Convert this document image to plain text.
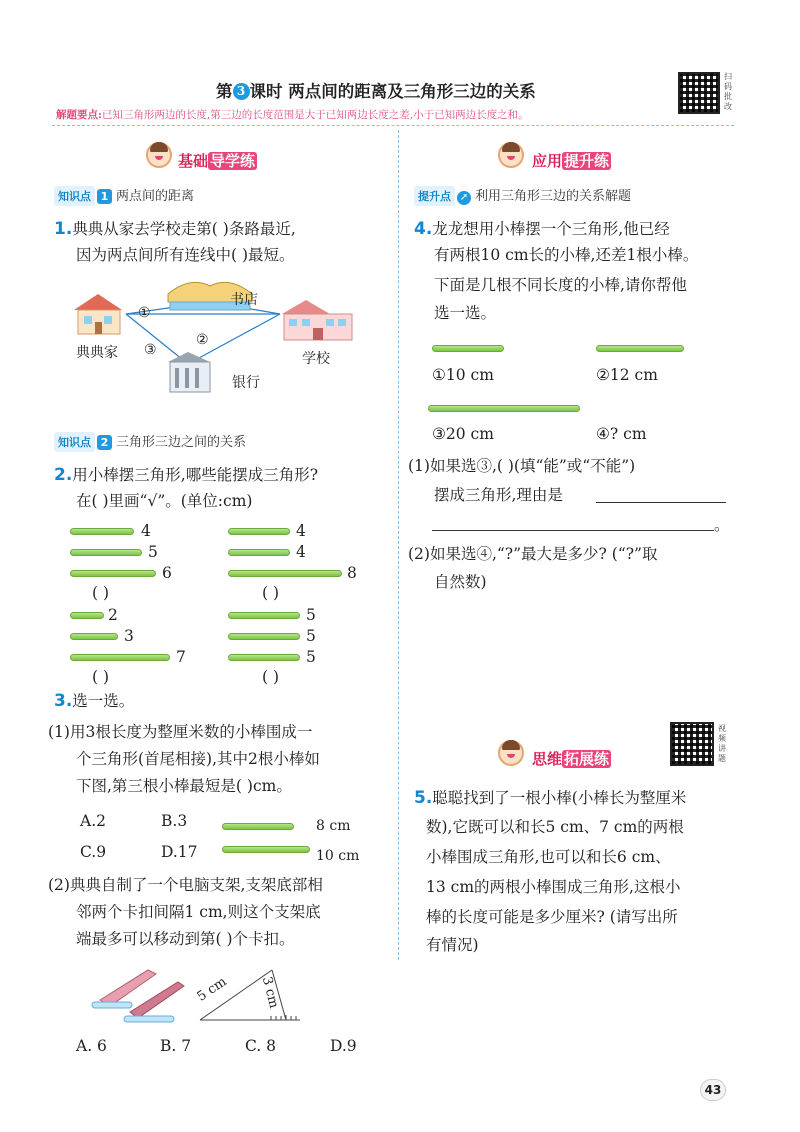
第 3 课时 两点间的距离及三角形三边的关系
解题要点:已知三角形两边的长度,第三边的长度范围是大于已知两边长度之差,小于已知两边长度之和。
扫码批改
基础 导学练
知识点 1 两点间的距离
1.典典从家去学校走第( )条路最近,
因为两点间所有连线中( )最短。
典典家
书店
学校
银行
①
②
③
知识点 2 三角形三边之间的关系
2.用小棒摆三角形,哪些能摆成三角形?
在( )里画“√”。(单位:cm)
4
5
6
( )
4
4
8
( )
2
3
7
( )
5
5
5
( )
3.选一选。
(1)用3根长度为整厘米数的小棒围成一
个三角形(首尾相接),其中2根小棒如
下图,第三根小棒最短是( )cm。
A.2	B.3
C.9	D.17
8 cm
10 cm
(2)典典自制了一个电脑支架,支架底部相
邻两个卡扣间隔1 cm,则这个支架底
端最多可以移动到第( )个卡扣。
5 cm 3 cm
A. 6	B. 7	C. 8	D.9
应用 提升练
提升点 ➚ 利用三角形三边的关系解题
4.龙龙想用小棒摆一个三角形,他已经
有两根10 cm长的小棒,还差1根小棒。
下面是几根不同长度的小棒,请你帮他
选一选。
①10 cm	②12 cm
③20 cm	④? cm
(1)如果选③,( )(填“能”或“不能”)
摆成三角形,理由是
。
(2)如果选④,“?”最大是多少? (“?”取
自然数)
思维 拓展练
视频讲题
5.聪聪找到了一根小棒(小棒长为整厘米
数),它既可以和长5 cm、7 cm的两根
小棒围成三角形,也可以和长6 cm、
13 cm的两根小棒围成三角形,这根小
棒的长度可能是多少厘米? (请写出所
有情况)
43
